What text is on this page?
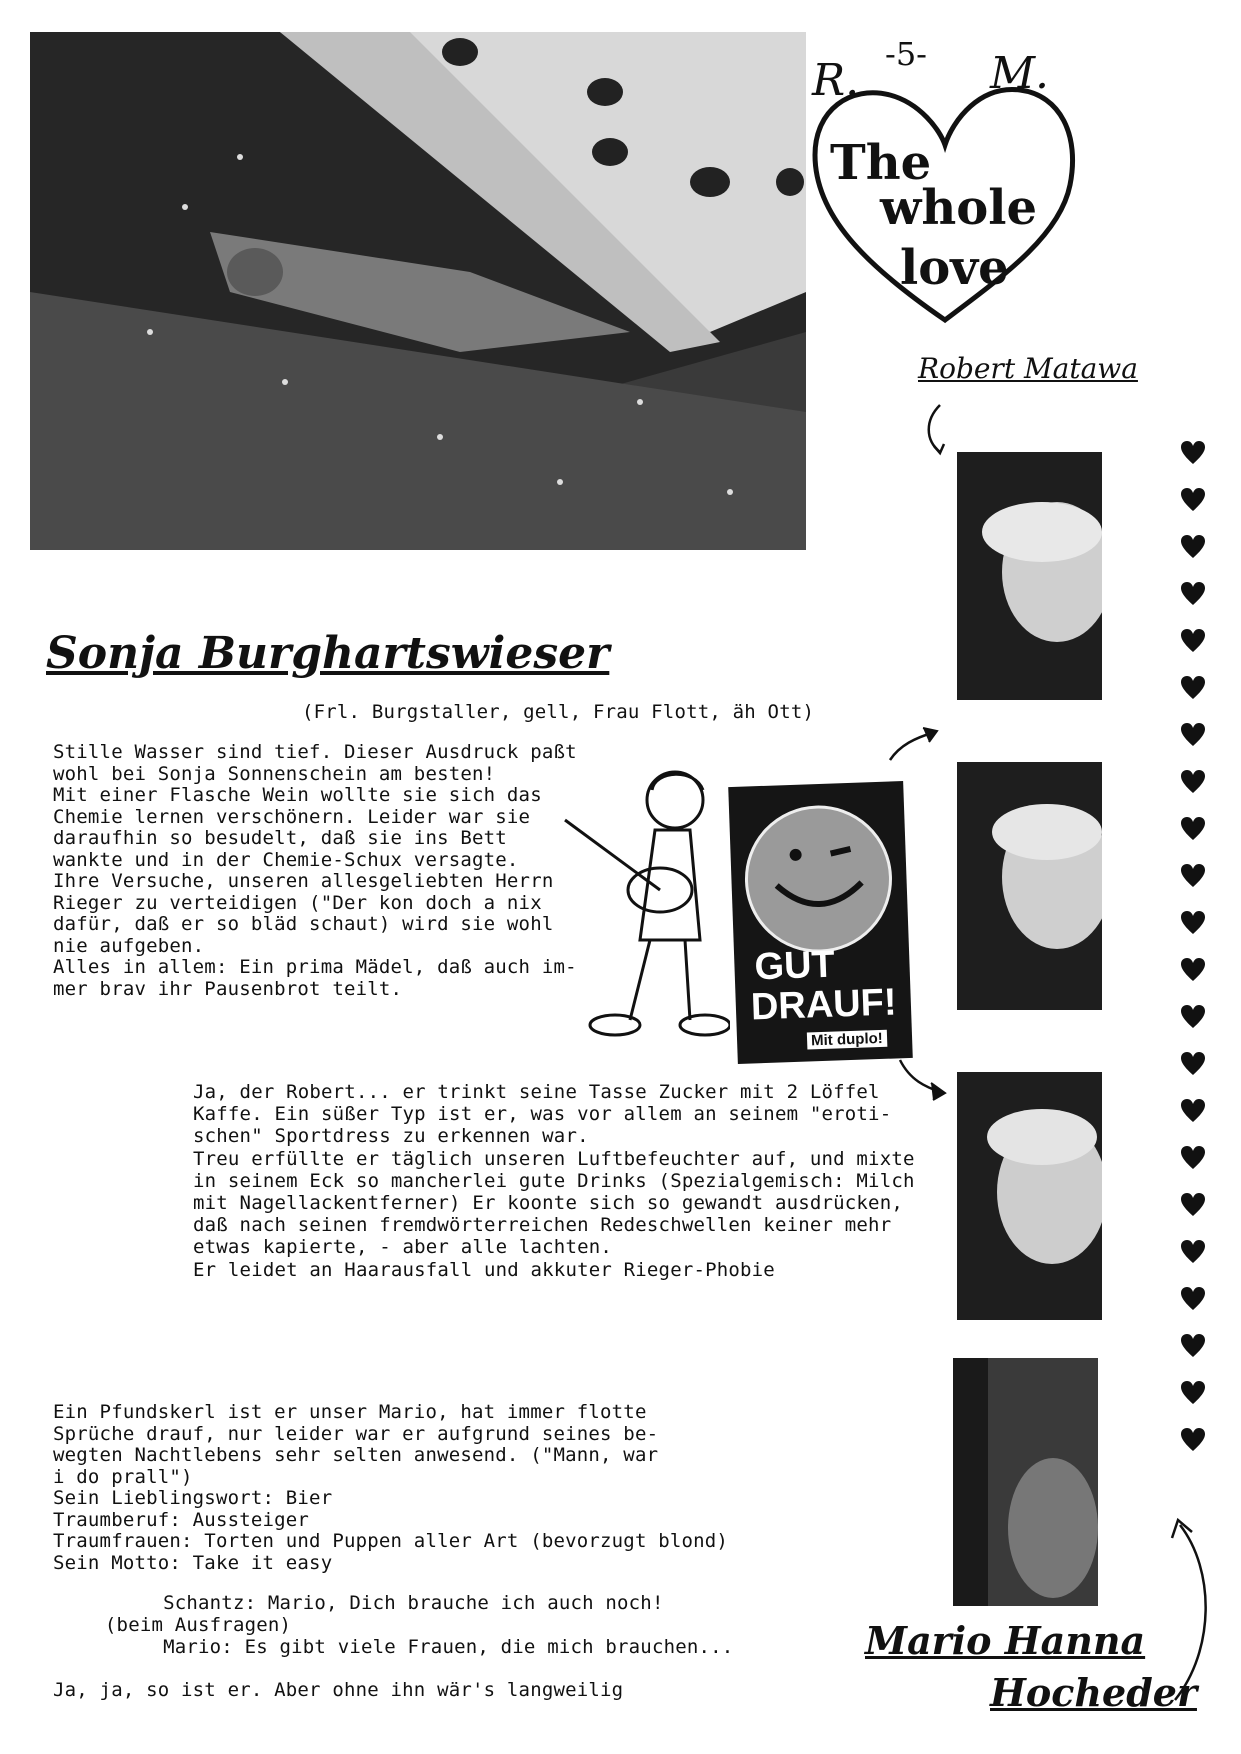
-5-
R.	M.
The
whole
love
Robert Matawa
Sonja Burghartswieser
(Frl. Burgstaller, gell, Frau Flott, äh Ott)
Stille Wasser sind tief. Dieser Ausdruck paßt
wohl bei Sonja Sonnenschein am besten!
Mit einer Flasche Wein wollte sie sich das
Chemie lernen verschönern. Leider war sie
daraufhin so besudelt, daß sie ins Bett
wankte und in der Chemie-Schux versagte.
Ihre Versuche, unseren allesgeliebten Herrn
Rieger zu verteidigen ("Der kon doch a nix
dafür, daß er so bläd schaut) wird sie wohl
nie aufgeben.
Alles in allem: Ein prima Mädel, daß auch im-
mer brav ihr Pausenbrot teilt.
GUT
DRAUF!
Mit duplo!
Ja, der Robert... er trinkt seine Tasse Zucker mit 2 Löffel
Kaffe. Ein süßer Typ ist er, was vor allem an seinem "eroti-
schen" Sportdress zu erkennen war.
Treu erfüllte er täglich unseren Luftbefeuchter auf, und mixte
in seinem Eck so mancherlei gute Drinks (Spezialgemisch: Milch
mit Nagellackentferner) Er koonte sich so gewandt ausdrücken,
daß nach seinen fremdwörterreichen Redeschwellen keiner mehr
etwas kapierte, - aber alle lachten.
Er leidet an Haarausfall und akkuter Rieger-Phobie
Ein Pfundskerl ist er unser Mario, hat immer flotte
Sprüche drauf, nur leider war er aufgrund seines be-
wegten Nachtlebens sehr selten anwesend. ("Mann, war
i do prall")
Sein Lieblingswort: Bier
Traumberuf: Aussteiger
Traumfrauen: Torten und Puppen aller Art (bevorzugt blond)
Sein Motto: Take it easy
Schantz: Mario, Dich brauche ich auch noch!
(beim Ausfragen)
Mario: Es gibt viele Frauen, die mich brauchen...
Ja, ja, so ist er. Aber ohne ihn wär's langweilig
Mario Hanna
Hocheder
